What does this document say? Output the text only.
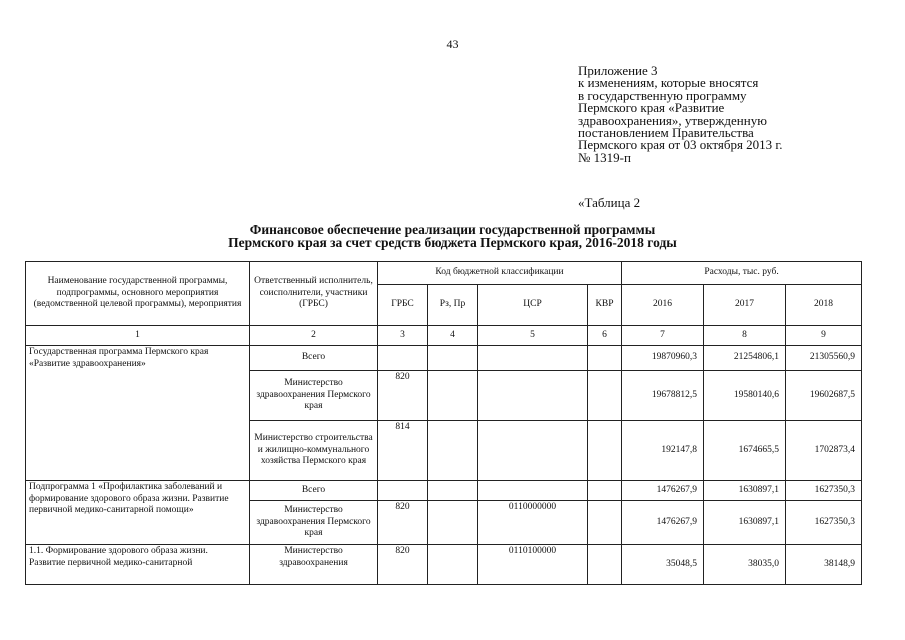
43
Приложение 3
к изменениям, которые вносятся
в государственную программу
Пермского края «Развитие
здравоохранения», утвержденную
постановлением Правительства
Пермского края от 03 октября 2013 г.
№ 1319-п
«Таблица 2
Финансовое обеспечение реализации государственной программы
Пермского края за счет средств бюджета Пермского края, 2016-2018 годы
Наименование государственной программы, подпрограммы, основного мероприятия (ведомственной целевой программы), мероприятия	Ответственный исполнитель, соисполнители, участники (ГРБС)	Код бюджетной классификации				Расходы, тыс. руб.		
		ГРБС	Рз, Пр	ЦСР	КВР	2016	2017	2018
1	2	3	4	5	6	7	8	9
Государственная программа Пермского края «Развитие здравоохранения»	Всего					19870960,3	21254806,1	21305560,9
	Министерство здравоохранения Пермского края	820				19678812,5	19580140,6	19602687,5
	Министерство строительства и жилищно-коммунального хозяйства Пермского края	814				192147,8	1674665,5	1702873,4
Подпрограмма 1 «Профилактика заболеваний и формирование здорового образа жизни. Развитие первичной медико-санитарной помощи»	Всего					1476267,9	1630897,1	1627350,3
	Министерство здравоохранения Пермского края	820		0110000000		1476267,9	1630897,1	1627350,3
1.1. Формирование здорового образа жизни. Развитие первичной медико-санитарной	Министерство здравоохранения	820		0110100000		35048,5	38035,0	38148,9
